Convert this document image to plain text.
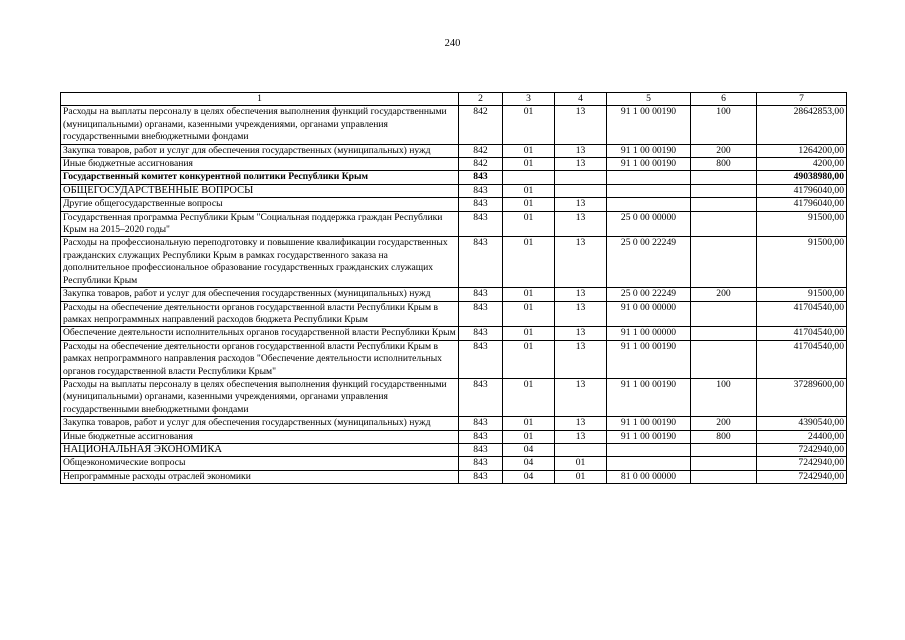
240
1	2	3	4	5	6	7
Расходы на выплаты персоналу в целях обеспечения выполнения функций государственными (муниципальными) органами, казенными учреждениями, органами управления государственными внебюджетными фондами	842	01	13	91 1 00 00190	100	28642853,00
Закупка товаров, работ и услуг для обеспечения государственных (муниципальных) нужд	842	01	13	91 1 00 00190	200	1264200,00
Иные бюджетные ассигнования	842	01	13	91 1 00 00190	800	4200,00
Государственный комитет конкурентной политики Республики Крым	843					49038980,00
ОБЩЕГОСУДАРСТВЕННЫЕ ВОПРОСЫ	843	01				41796040,00
Другие общегосударственные вопросы	843	01	13			41796040,00
Государственная программа Республики Крым "Социальная поддержка граждан Республики Крым на 2015–2020 годы"	843	01	13	25 0 00 00000		91500,00
Расходы на профессиональную переподготовку и повышение квалификации государственных гражданских служащих Республики Крым в рамках государственного заказа на дополнительное профессиональное образование государственных гражданских служащих Республики Крым	843	01	13	25 0 00 22249		91500,00
Закупка товаров, работ и услуг для обеспечения государственных (муниципальных) нужд	843	01	13	25 0 00 22249	200	91500,00
Расходы на обеспечение деятельности органов государственной власти Республики Крым в рамках непрограммных направлений расходов бюджета Республики Крым	843	01	13	91 0 00 00000		41704540,00
Обеспечение деятельности исполнительных органов государственной власти Республики Крым	843	01	13	91 1 00 00000		41704540,00
Расходы на обеспечение деятельности органов государственной власти Республики Крым в рамках непрограммного направления расходов "Обеспечение деятельности исполнительных органов государственной власти Республики Крым"	843	01	13	91 1 00 00190		41704540,00
Расходы на выплаты персоналу в целях обеспечения выполнения функций государственными (муниципальными) органами, казенными учреждениями, органами управления государственными внебюджетными фондами	843	01	13	91 1 00 00190	100	37289600,00
Закупка товаров, работ и услуг для обеспечения государственных (муниципальных) нужд	843	01	13	91 1 00 00190	200	4390540,00
Иные бюджетные ассигнования	843	01	13	91 1 00 00190	800	24400,00
НАЦИОНАЛЬНАЯ ЭКОНОМИКА	843	04				7242940,00
Общеэкономические вопросы	843	04	01			7242940,00
Непрограммные расходы отраслей экономики	843	04	01	81 0 00 00000		7242940,00
